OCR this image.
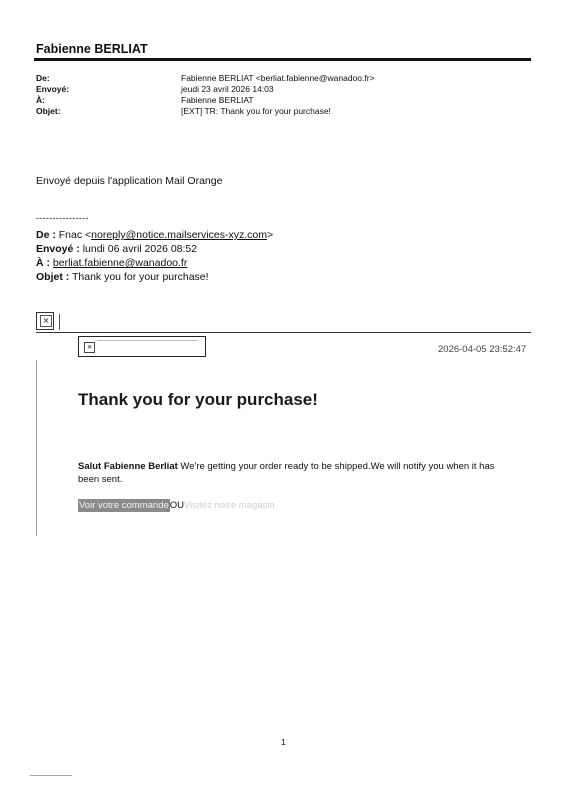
Fabienne BERLIAT
De:	Fabienne BERLIAT <berliat.fabienne@wanadoo.fr>
Envoyé:	jeudi 23 avril 2026 14:03
À:	Fabienne BERLIAT
Objet:	[EXT] TR: Thank you for your purchase!
Envoyé depuis l'application Mail Orange
----------------
De : Fnac <noreply@notice.mailservices-xyz.com>
Envoyé : lundi 06 avril 2026 08:52
À : berliat.fabienne@wanadoo.fr
Objet : Thank you for your purchase!
×
×	2026-04-05 23:52:47
Thank you for your purchase!
Salut Fabienne Berliat We're getting your order ready to be shipped.We will notify you when it has been sent.
Voir votre commandeOUVisitez notre magasin
1
